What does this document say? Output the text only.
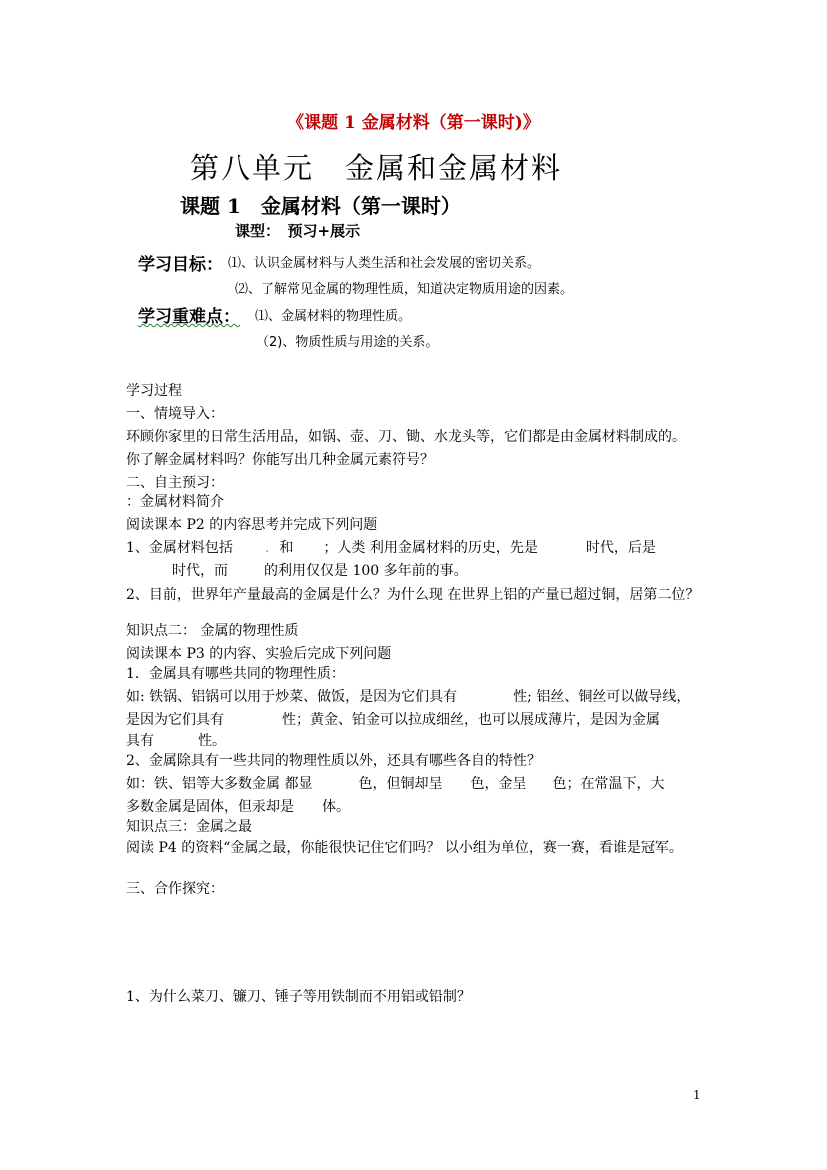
《课题 1 金属材料（第一课时)》
第八单元　金属和金属材料
课题 1　金属材料（第一课时）
课型：　预习+展示
学习目标： ⑴、认识金属材料与人类生活和社会发展的密切关系。
⑵、了解常见金属的物理性质，知道决定物质用途的因素。
学习重难点： ⑴、金属材料的物理性质。
（2)、物质性质与用途的关系。
学习过程
一、情境导入：
环顾你家里的日常生活用品，如锅、壶、刀、锄、水龙头等，它们都是由金属材料制成的。
你了解金属材料吗？你能写出几种金属元素符号？
二、自主预习：
：金属材料简介
阅读课本 P2 的内容思考并完成下列问题
1、金属材料包括 . 和 ；人类 利用金属材料的历史，先是	时代，后是
时代，而	的利用仅仅是 100 多年前的事。
2、目前，世界年产量最高的金属是什么？为什么现 在世界上铝的产量已超过铜，居第二位？
知识点二： 金属的物理性质
阅读课本 P3 的内容、实验后完成下列问题
1．金属具有哪些共同的物理性质：
如: 铁锅、铝锅可以用于炒菜、做饭，是因为它们具有	性; 铝丝、铜丝可以做导线，
是因为它们具有	性；黄金、铂金可以拉成细丝，也可以展成薄片，是因为金属
具有	性。
2、金属除具有一些共同的物理性质以外，还具有哪些各自的特性？
如：铁、铝等大多数金属 都显	色，但铜却呈 色，金呈 色；在常温下，大
多数金属是固体，但汞却是 体。
知识点三：金属之最
阅读 P4 的资料“金属之最，你能很快记住它们吗？ 以小组为单位，赛一赛，看谁是冠军。
三、合作探究：
1、为什么菜刀、镰刀、锤子等用铁制而不用铝或铅制？
1
